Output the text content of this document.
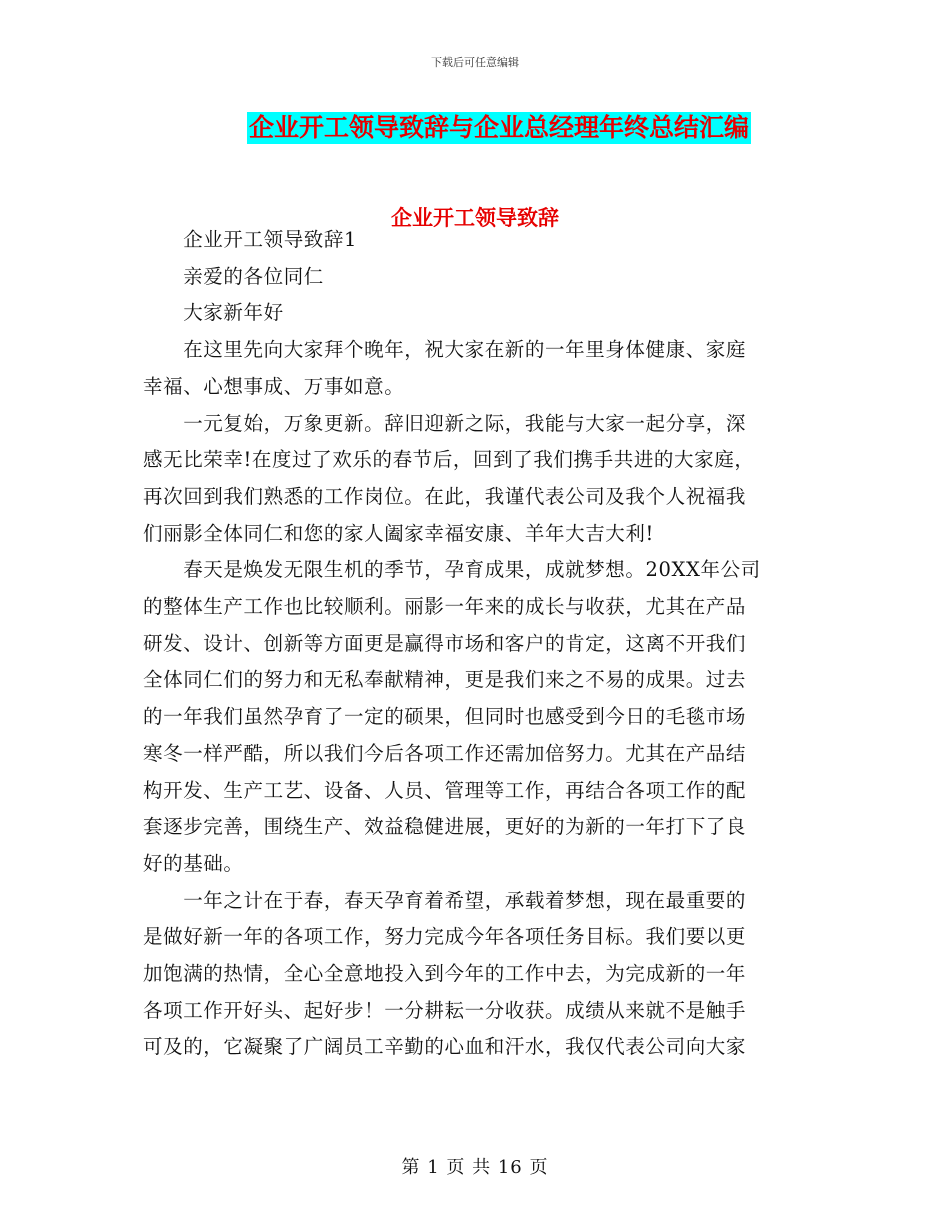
下载后可任意编辑
企业开工领导致辞与企业总经理年终总结汇编
企业开工领导致辞
　　企业开工领导致辞1
　　亲爱的各位同仁
　　大家新年好
　　在这里先向大家拜个晚年，祝大家在新的一年里身体健康、家庭
幸福、心想事成、万事如意。
　　一元复始，万象更新。辞旧迎新之际，我能与大家一起分享，深
感无比荣幸!在度过了欢乐的春节后，回到了我们携手共进的大家庭，
再次回到我们熟悉的工作岗位。在此，我谨代表公司及我个人祝福我
们丽影全体同仁和您的家人阖家幸福安康、羊年大吉大利!
　　春天是焕发无限生机的季节，孕育成果，成就梦想。20XX年公司
的整体生产工作也比较顺利。丽影一年来的成长与收获，尤其在产品
研发、设计、创新等方面更是赢得市场和客户的肯定，这离不开我们
全体同仁们的努力和无私奉献精神，更是我们来之不易的成果。过去
的一年我们虽然孕育了一定的硕果，但同时也感受到今日的毛毯市场
寒冬一样严酷，所以我们今后各项工作还需加倍努力。尤其在产品结
构开发、生产工艺、设备、人员、管理等工作，再结合各项工作的配
套逐步完善，围绕生产、效益稳健进展，更好的为新的一年打下了良
好的基础。
　　一年之计在于春，春天孕育着希望，承载着梦想，现在最重要的
是做好新一年的各项工作，努力完成今年各项任务目标。我们要以更
加饱满的热情，全心全意地投入到今年的工作中去，为完成新的一年
各项工作开好头、起好步！一分耕耘一分收获。成绩从来就不是触手
可及的，它凝聚了广阔员工辛勤的心血和汗水，我仅代表公司向大家
第 1 页 共 16 页
